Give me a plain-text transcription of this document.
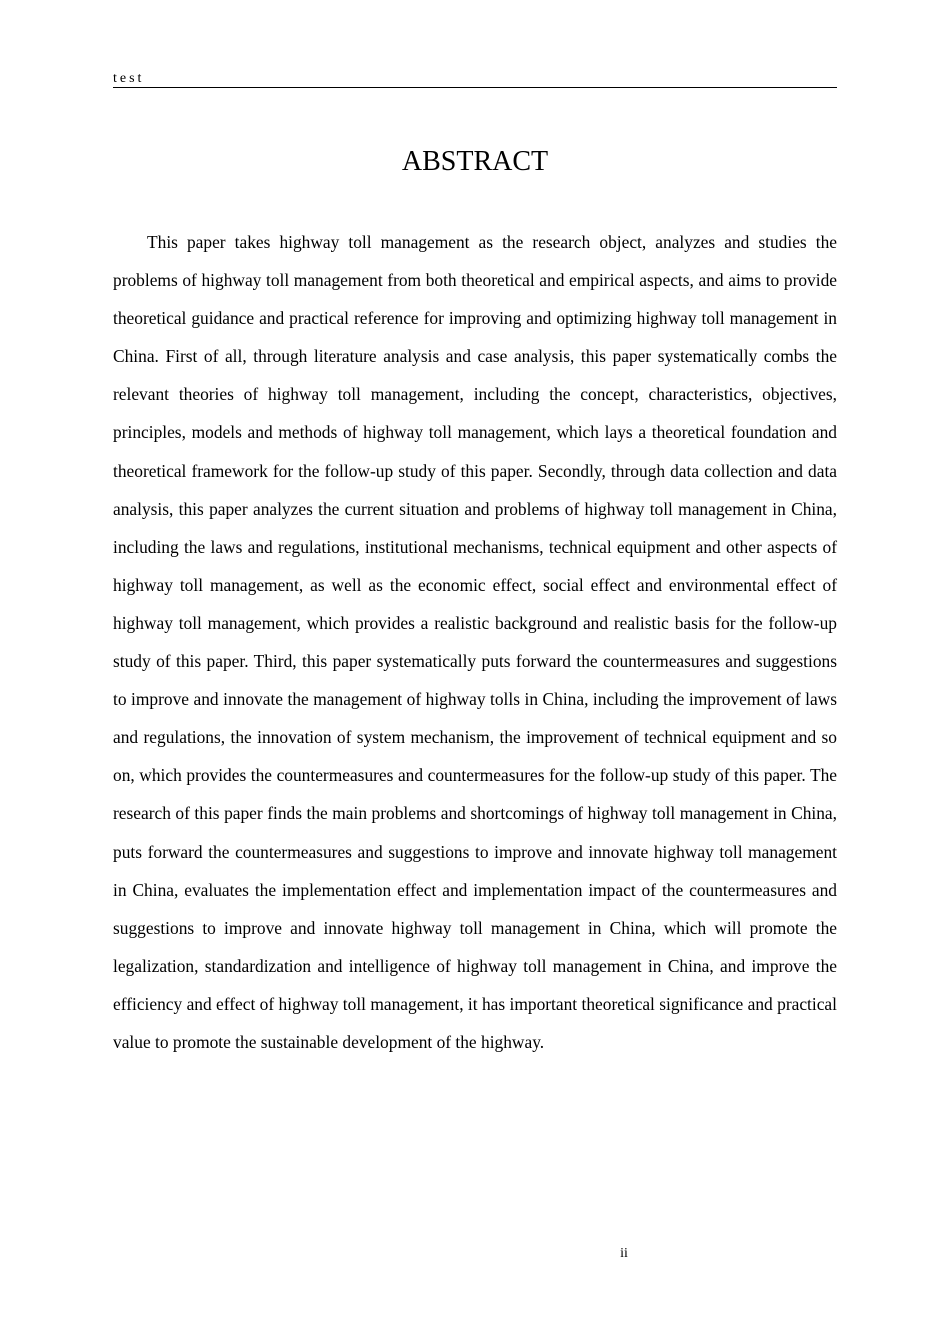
test
ABSTRACT

This paper takes highway toll management as the research object, analyzes and studies the problems of highway toll management from both theoretical and empirical aspects, and aims to provide theoretical guidance and practical reference for improving and optimizing highway toll management in China. First of all, through literature analysis and case analysis, this paper systematically combs the relevant theories of highway toll management, including the concept, characteristics, objectives, principles, models and methods of highway toll management, which lays a theoretical foundation and theoretical framework for the follow-up study of this paper. Secondly, through data collection and data analysis, this paper analyzes the current situation and problems of highway toll management in China, including the laws and regulations, institutional mechanisms, technical equipment and other aspects of highway toll management, as well as the economic effect, social effect and environmental effect of highway toll management, which provides a realistic background and realistic basis for the follow-up study of this paper. Third, this paper systematically puts forward the countermeasures and suggestions to improve and innovate the management of highway tolls in China, including the improvement of laws and regulations, the innovation of system mechanism, the improvement of technical equipment and so on, which provides the countermeasures and countermeasures for the follow-up study of this paper. The research of this paper finds the main problems and shortcomings of highway toll management in China, puts forward the countermeasures and suggestions to improve and innovate highway toll management in China, evaluates the implementation effect and implementation impact of the countermeasures and suggestions to improve and innovate highway toll management in China, which will promote the legalization, standardization and intelligence of highway toll management in China, and improve the efficiency and effect of highway toll management, it has important theoretical significance and practical value to promote the sustainable development of the highway.

ii
